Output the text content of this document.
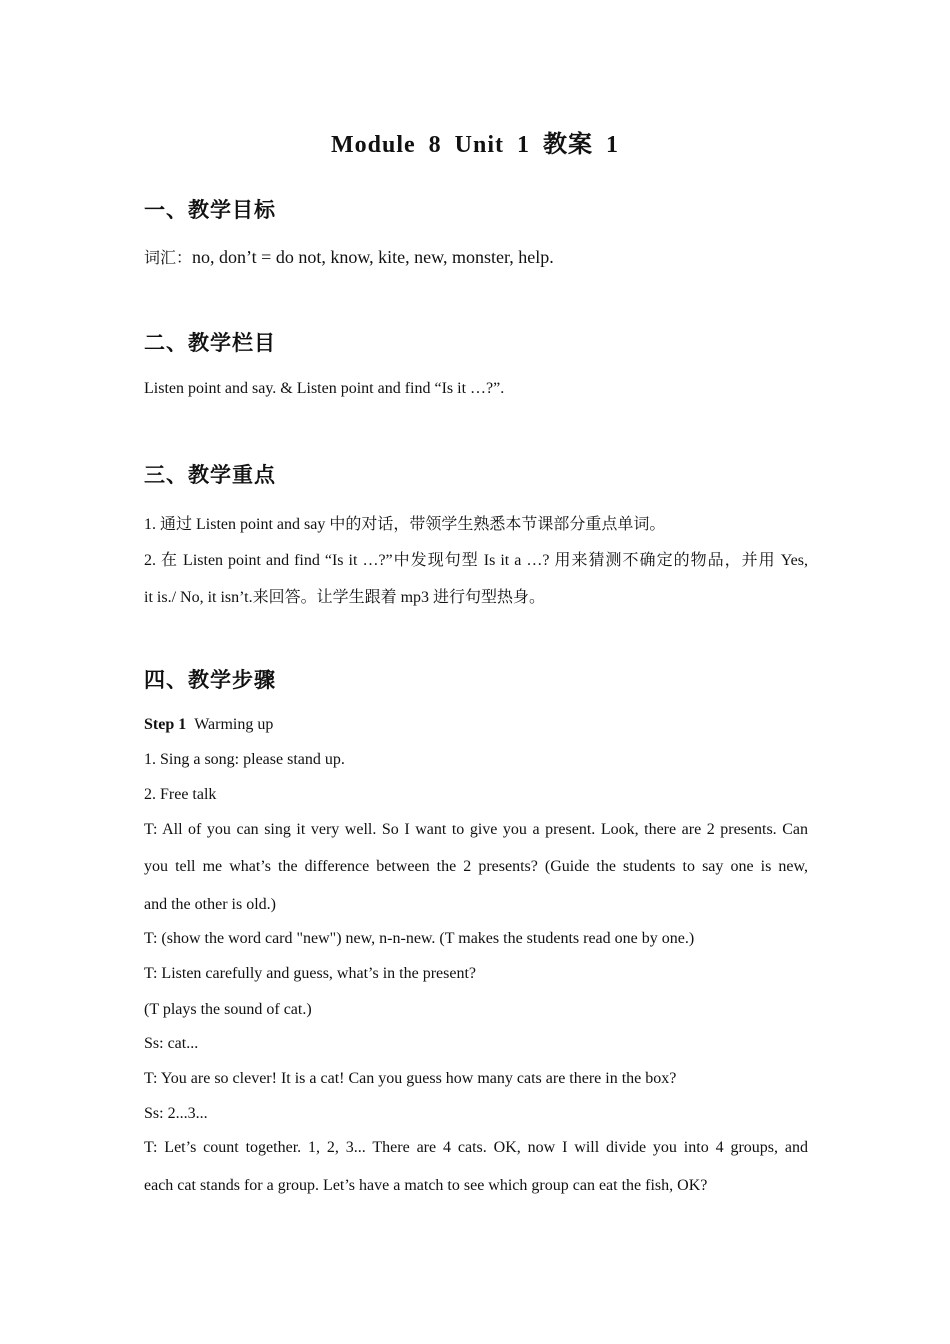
Module 8 Unit 1 教案 1
一、教学目标
词汇：no, don’t = do not, know, kite, new, monster, help.
二、教学栏目
Listen point and say. & Listen point and find “Is it …?”.
三、教学重点
1. 通过 Listen point and say 中的对话，带领学生熟悉本节课部分重点单词。
2. 在 Listen point and find “Is it …?”中发现句型 Is it a …? 用来猜测不确定的物品，并用 Yes,
it is./ No, it isn’t.来回答。让学生跟着 mp3 进行句型热身。
四、教学步骤
Step 1 Warming up
1. Sing a song: please stand up.
2. Free talk
T: All of you can sing it very well. So I want to give you a present. Look, there are 2 presents. Can
you tell me what’s the difference between the 2 presents? (Guide the students to say one is new,
and the other is old.)
T: (show the word card "new") new, n-n-new. (T makes the students read one by one.)
T: Listen carefully and guess, what’s in the present?
(T plays the sound of cat.)
Ss: cat...
T: You are so clever! It is a cat! Can you guess how many cats are there in the box?
Ss: 2...3...
T: Let’s count together. 1, 2, 3... There are 4 cats. OK, now I will divide you into 4 groups, and
each cat stands for a group. Let’s have a match to see which group can eat the fish, OK?
